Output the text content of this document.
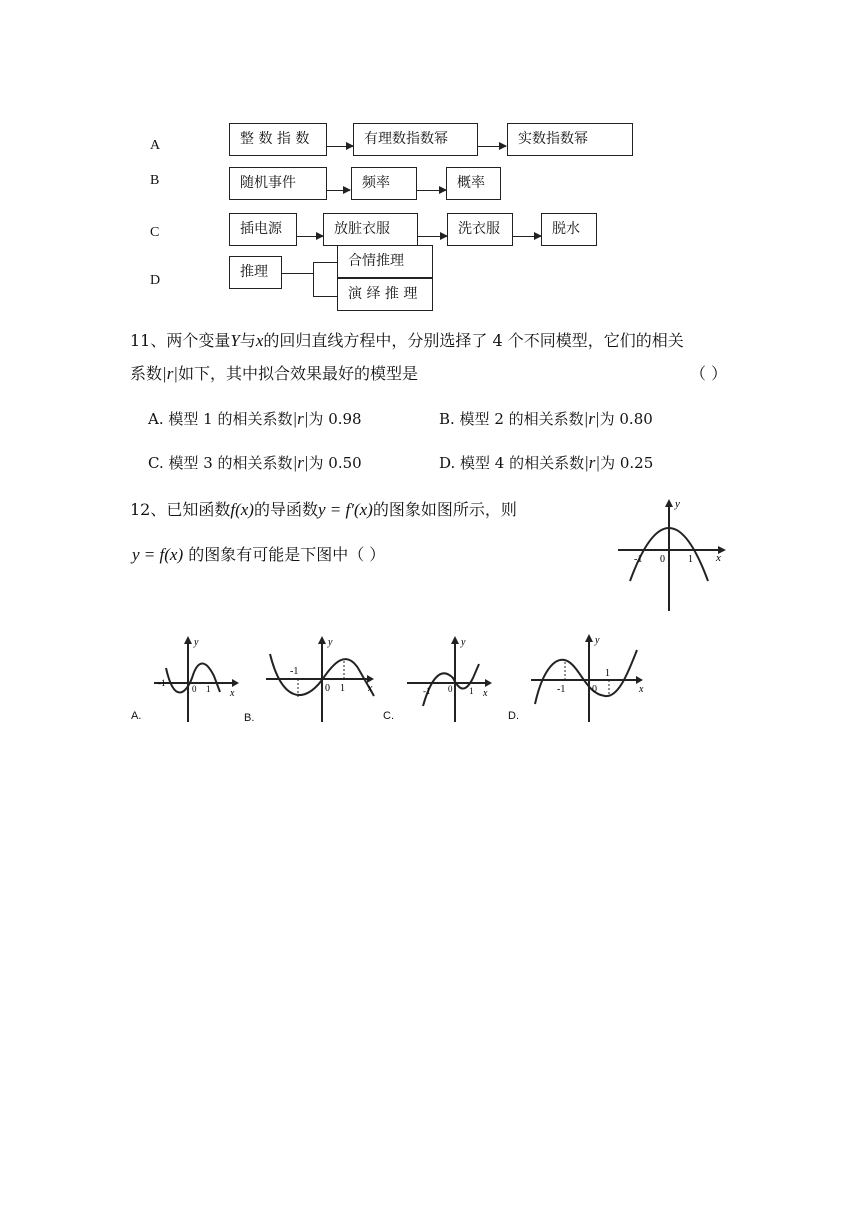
A
B
C
D
整 数 指 数	有理数指数幂	实数指数幂
随机事件	频率	概率
插电源	放脏衣服	洗衣服	脱水
推理
合情推理
演 绎 推 理
11、两个变量Y与x的回归直线方程中，分别选择了 4 个不同模型，它们的相关
系数|r|如下，其中拟合效果最好的模型是	（ ）
A. 模型 1 的相关系数|r|为 0.98	B. 模型 2 的相关系数|r|为 0.80
C. 模型 3 的相关系数|r|为 0.50	D. 模型 4 的相关系数|r|为 0.25
12、已知函数f(x)的导函数y = f′(x)的图象如图所示，则
y = f(x) 的图象有可能是下图中（ ）
y
x
0
-1	1
y
x
-1
0 1
A.
y
x
-1
0 1
B.
y
x
-1 0 1
C.
y
x
-1	0
1
D.
